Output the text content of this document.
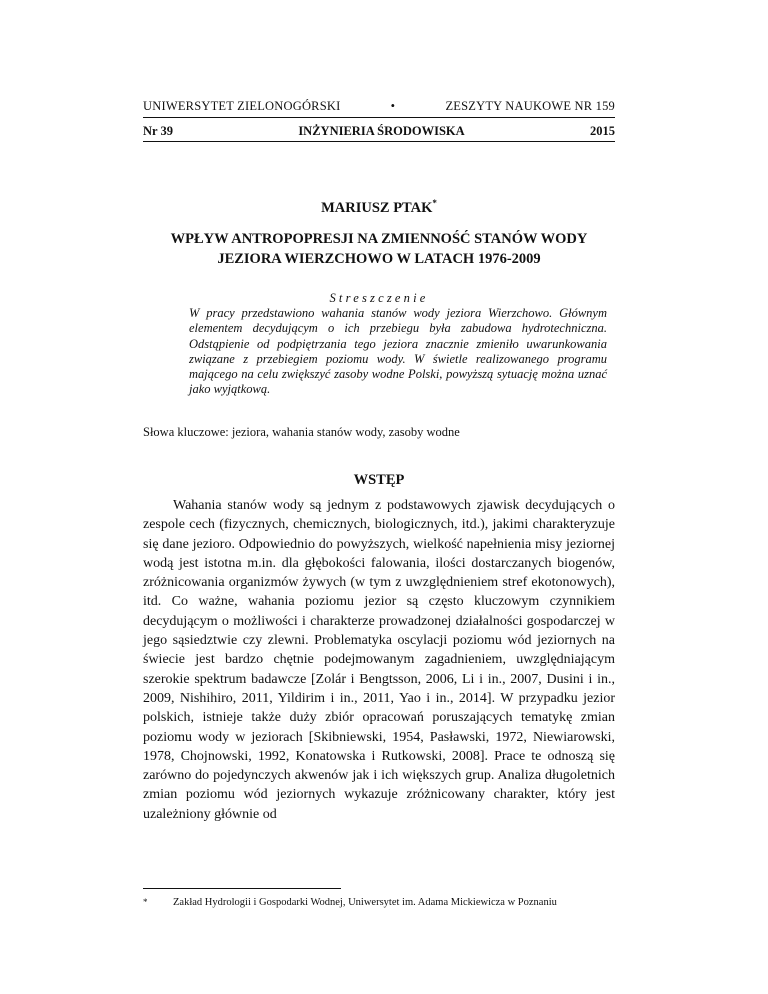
UNIWERSYTET ZIELONOGÓRSKI	•	ZESZYTY NAUKOWE NR 159
Nr 39	INŻYNIERIA ŚRODOWISKA	2015
MARIUSZ PTAK*
WPŁYW ANTROPOPRESJI NA ZMIENNOŚĆ STANÓW WODY
JEZIORA WIERZCHOWO W LATACH 1976-2009
Streszczenie

W pracy przedstawiono wahania stanów wody jeziora Wierzchowo. Głównym elementem decydującym o ich przebiegu była zabudowa hydrotechniczna. Odstąpienie od podpiętrzania tego jeziora znacznie zmieniło uwarunkowania związane z przebiegiem poziomu wody. W świetle realizowanego programu mającego na celu zwiększyć zasoby wodne Polski, powyższą sytuację można uznać jako wyjątkową.

Słowa kluczowe: jeziora, wahania stanów wody, zasoby wodne

WSTĘP

Wahania stanów wody są jednym z podstawowych zjawisk decydujących o zespole cech (fizycznych, chemicznych, biologicznych, itd.), jakimi charakteryzuje się dane jezioro. Odpowiednio do powyższych, wielkość napełnienia misy jeziornej wodą jest istotna m.in. dla głębokości falowania, ilości dostarczanych biogenów, zróżnicowania organizmów żywych (w tym z uwzględnieniem stref ekotonowych), itd. Co ważne, wahania poziomu jezior są często kluczowym czynnikiem decydującym o możliwości i charakterze prowadzonej działalności gospodarczej w jego sąsiedztwie czy zlewni. Problematyka oscylacji poziomu wód jeziornych na świecie jest bardzo chętnie podejmowanym zagadnieniem, uwzględniającym szerokie spektrum badawcze [Zolár i Bengtsson, 2006, Li i in., 2007, Dusini i in., 2009, Nishihiro, 2011, Yildirim i in., 2011, Yao i in., 2014]. W przypadku jezior polskich, istnieje także duży zbiór opracowań poruszających tematykę zmian poziomu wody w jeziorach [Skibniewski, 1954, Pasławski, 1972, Niewiarowski, 1978, Chojnowski, 1992, Konatowska i Rutkowski, 2008]. Prace te odnoszą się zarówno do pojedynczych akwenów jak i ich większych grup. Analiza długoletnich zmian poziomu wód jeziornych wykazuje zróżnicowany charakter, który jest uzależniony głównie od

*	Zakład Hydrologii i Gospodarki Wodnej, Uniwersytet im. Adama Mickiewicza w Poznaniu
